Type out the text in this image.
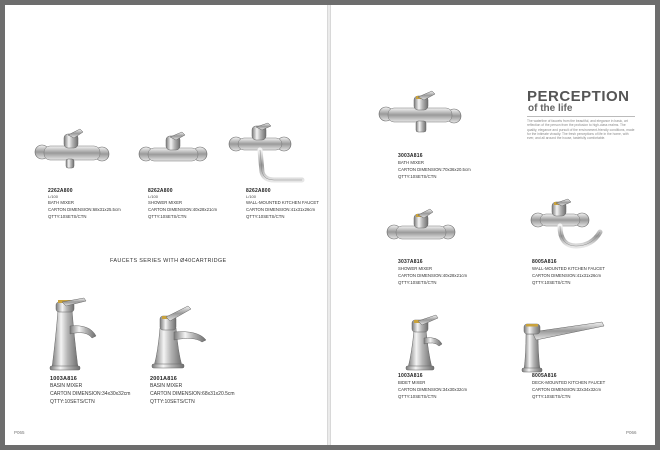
2262A800
L/100
BATH MIXER
CARTON DIMENSION:68x31x25.5cm
QTTY:10SETS/CTN
8262A800
L/100
SHOWER MIXER
CARTON DIMENSION:40x28x21cm
QTTY:10SETS/CTN
8262A800
L/100
WALL-MOUNTED KITCHEN FAUCET
CARTON DIMENSION:41x31x26cm
QTTY:10SETS/CTN
FAUCETS SERIES WITH Ø40CARTRIDGE
1003A816
BASIN MIXER
CARTON DIMENSION:34x30x32cm
QTTY:10SETS/CTN
2001A816
BASIN MIXER
CARTON DIMENSION:68x31x20.5cm
QTTY:10SETS/CTN
P065
PERCEPTION
of the life
The waterline of faucets from the beautiful, and elegance in basic, art reflection of the person from the profusion to high-class realms. The quality, elegance and pursuit of the environment-friendly conditions, made for the intimate vivacity. The fresh perceptions of life in the home, with ever, and all around the house, tastefully comfortable.
3003A816
BATH MIXER
CARTON DIMENSION:70x36x20.5cm
QTTY:10SETS/CTN
3037A816
SHOWER MIXER
CARTON DIMENSION:40x28x21cm
QTTY:10SETS/CTN
8005A816
WALL-MOUNTED KITCHEN FAUCET
CARTON DIMENSION:41x31x26cm
QTTY:10SETS/CTN
1003A816
BIDET MIXER
CARTON DIMENSION:34x30x32cm
QTTY:10SETS/CTN
8005A816
DECK-MOUNTED KITCHEN FAUCET
CARTON DIMENSION:32x34x32cm
QTTY:10SETS/CTN
P066
